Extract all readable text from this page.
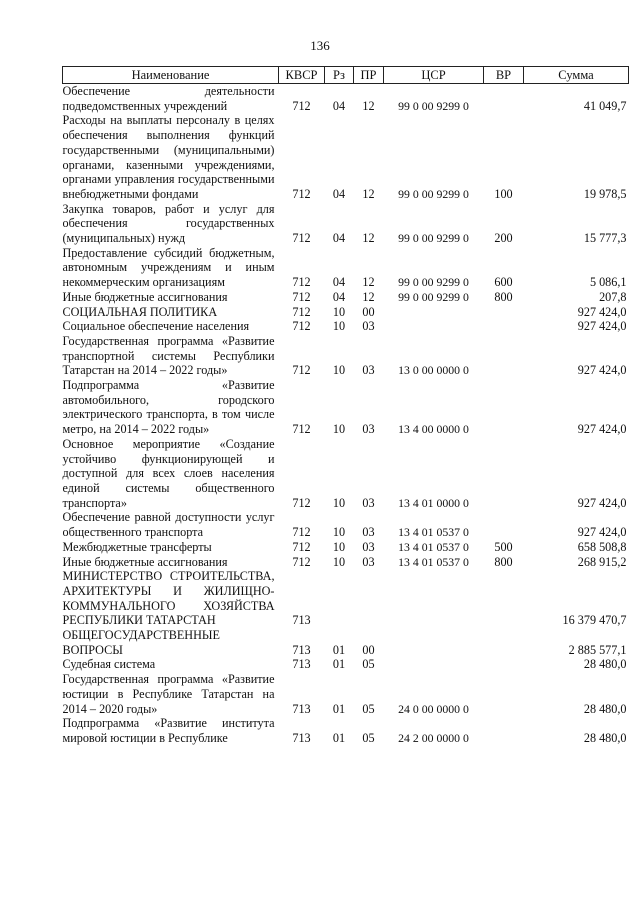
136
Наименование	КВСР	Рз	ПР	ЦСР	ВР	Сумма
Обеспечение деятельности подведомственных учреждений	712	04	12	99 0 00 9299 0		41 049,7
Расходы на выплаты персоналу в целях обеспечения выполнения функций государственными (муниципальными) органами, казенными учреждениями, органами управления государственными внебюджетными фондами	712	04	12	99 0 00 9299 0	100	19 978,5
Закупка товаров, работ и услуг для обеспечения государственных (муниципальных) нужд	712	04	12	99 0 00 9299 0	200	15 777,3
Предоставление субсидий бюджетным, автономным учреждениям и иным некоммерческим организациям	712	04	12	99 0 00 9299 0	600	5 086,1
Иные бюджетные ассигнования	712	04	12	99 0 00 9299 0	800	207,8
СОЦИАЛЬНАЯ ПОЛИТИКА	712	10	00			927 424,0
Социальное обеспечение населения	712	10	03			927 424,0
Государственная программа «Развитие транспортной системы Республики Татарстан на 2014 – 2022 годы»	712	10	03	13 0 00 0000 0		927 424,0
Подпрограмма «Развитие автомобильного, городского электрического транспорта, в том числе метро, на 2014 – 2022 годы»	712	10	03	13 4 00 0000 0		927 424,0
Основное мероприятие «Создание устойчиво функционирующей и доступной для всех слоев населения единой системы общественного транспорта»	712	10	03	13 4 01 0000 0		927 424,0
Обеспечение равной доступности услуг общественного транспорта	712	10	03	13 4 01 0537 0		927 424,0
Межбюджетные трансферты	712	10	03	13 4 01 0537 0	500	658 508,8
Иные бюджетные ассигнования	712	10	03	13 4 01 0537 0	800	268 915,2
МИНИСТЕРСТВО СТРОИТЕЛЬСТВА, АРХИТЕКТУРЫ И ЖИЛИЩНО-КОММУНАЛЬНОГО ХОЗЯЙСТВА РЕСПУБЛИКИ ТАТАРСТАН	713					16 379 470,7
ОБЩЕГОСУДАРСТВЕННЫЕ ВОПРОСЫ	713	01	00			2 885 577,1
Судебная система	713	01	05			28 480,0
Государственная программа «Развитие юстиции в Республике Татарстан на 2014 – 2020 годы»	713	01	05	24 0 00 0000 0		28 480,0
Подпрограмма «Развитие института мировой юстиции в Республике	713	01	05	24 2 00 0000 0		28 480,0
